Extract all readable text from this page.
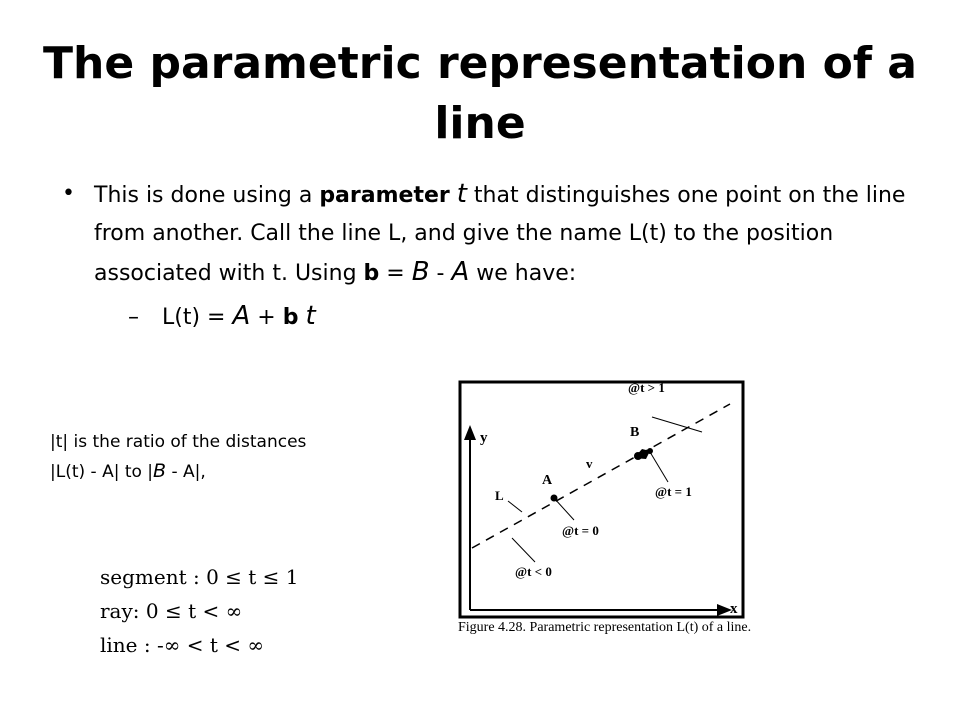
The parametric representation of a line
• This is done using a parameter t that distinguishes one point on the line from another. Call the line L, and give the name L(t) to the position associated with t. Using b = B - A we have:
– L(t) = A + b t
|t| is the ratio of the distances
|L(t) - A| to |B - A|,
segment : 0 ≤ t ≤ 1
ray: 0 ≤ t < ∞
line : -∞ < t < ∞
y
x
@t > 1
B
A
v
L	@t = 1
@t = 0
@t < 0
Figure 4.28. Parametric representation L(t) of a line.
